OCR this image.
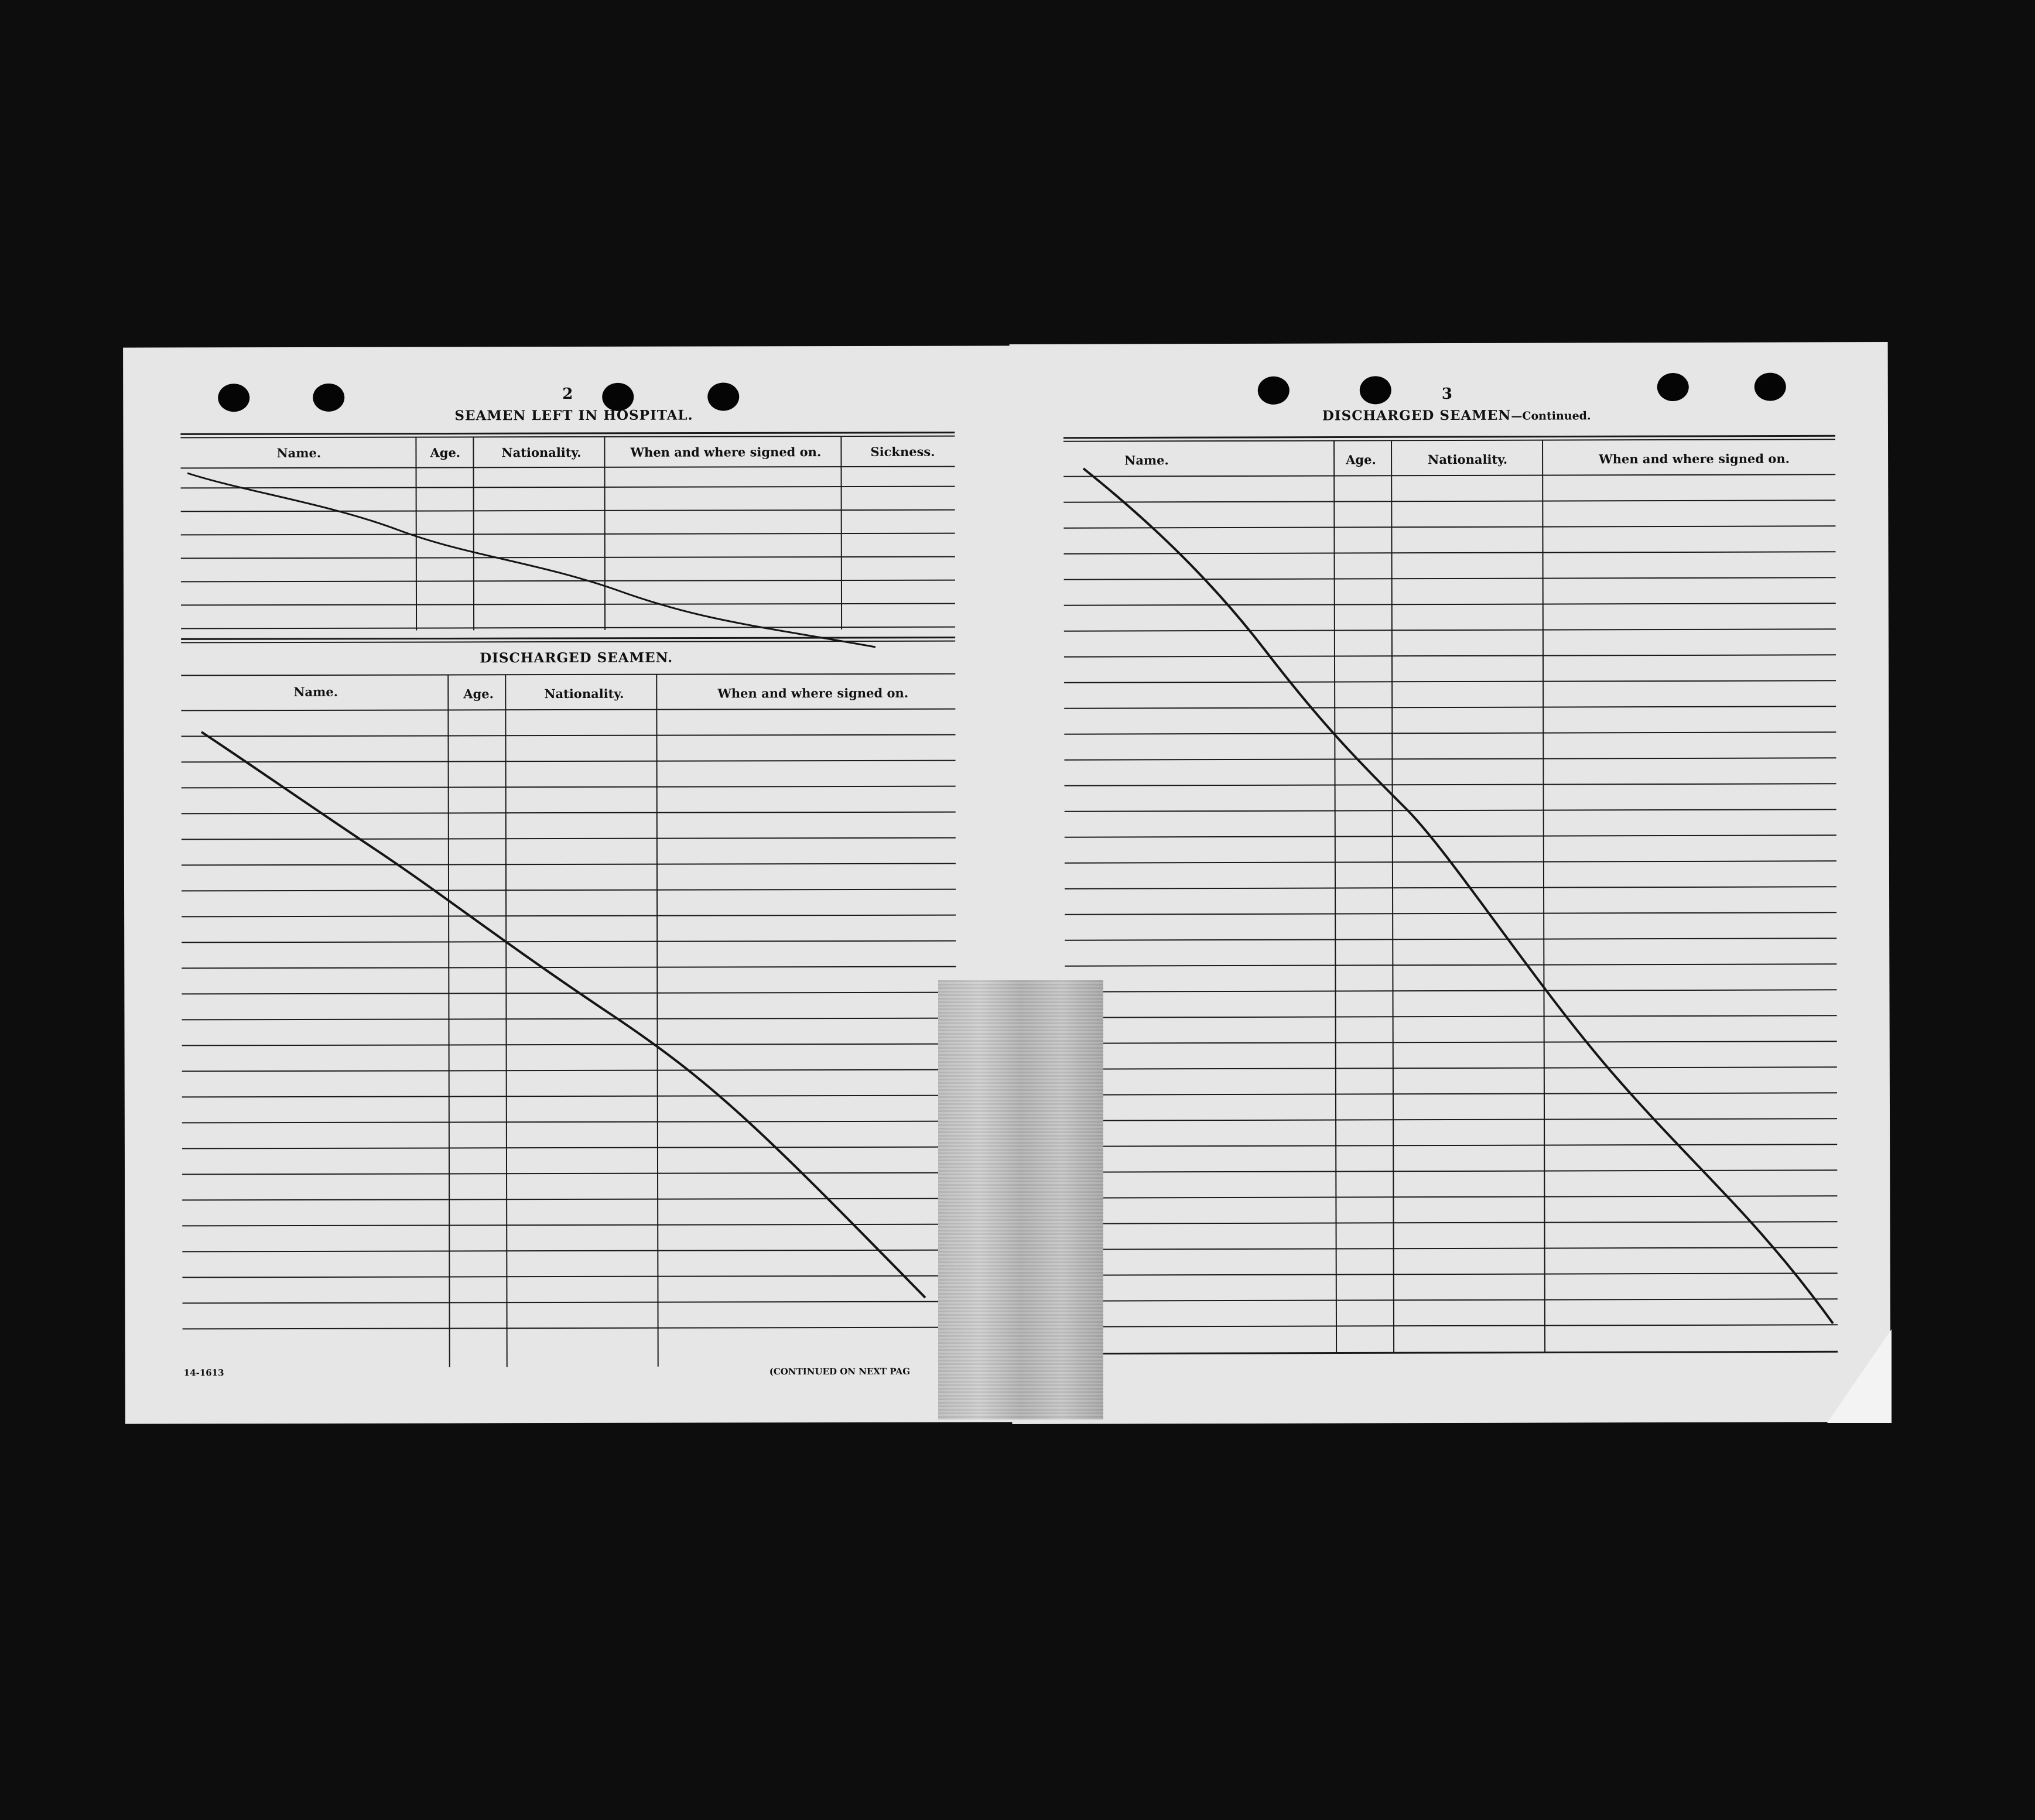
2
SEAMEN LEFT IN HOSPITAL.
Name.	Age.	Nationality.	When and where signed on.	Sickness.
DISCHARGED SEAMEN.
Name.	Age.	Nationality.	When and where signed on.
14-1613	(CONTINUED ON NEXT PAG
3
DISCHARGED SEAMEN—Continued.
Name.	Age.	Nationality.	When and where signed on.
